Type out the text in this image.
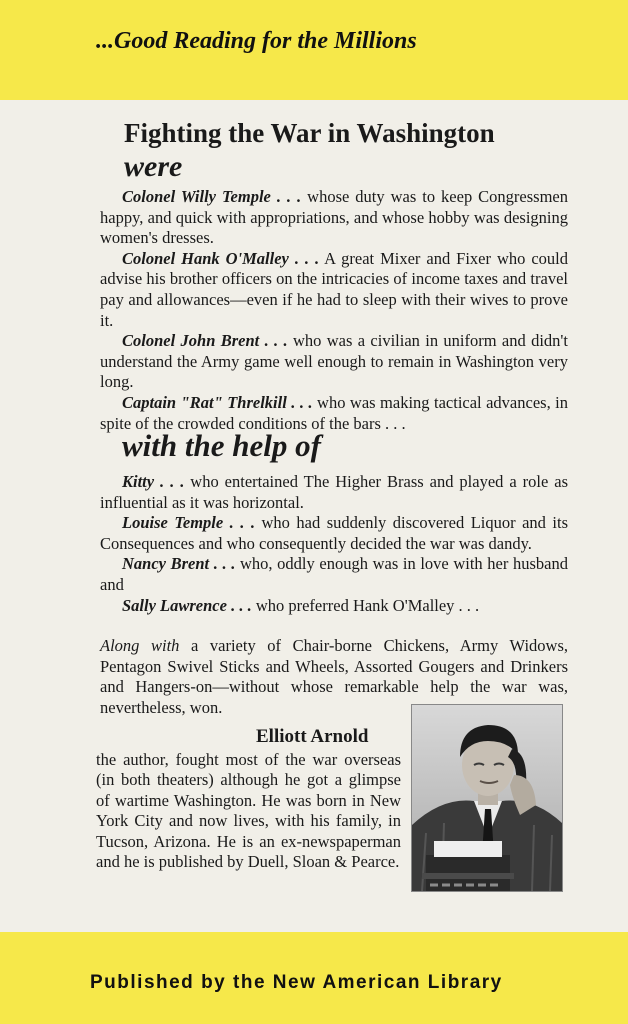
...Good Reading for the Millions
Fighting the War in Washington
were

Colonel Willy Temple . . . whose duty was to keep Congressmen happy, and quick with appropriations, and whose hobby was designing women's dresses.

Colonel Hank O'Malley . . . A great Mixer and Fixer who could advise his brother officers on the intricacies of income taxes and travel pay and allowances—even if he had to sleep with their wives to prove it.

Colonel John Brent . . . who was a civilian in uniform and didn't understand the Army game well enough to remain in Washington very long.

Captain "Rat" Threlkill . . . who was making tactical advances, in spite of the crowded conditions of the bars . . .

with the help of

Kitty . . . who entertained The Higher Brass and played a role as influential as it was horizontal.

Louise Temple . . . who had suddenly discovered Liquor and its Consequences and who consequently decided the war was dandy.

Nancy Brent . . . who, oddly enough was in love with her husband and

Sally Lawrence . . . who preferred Hank O'Malley . . .

Along with a variety of Chair-borne Chickens, Army Widows, Pentagon Swivel Sticks and Wheels, Assorted Gougers and Drinkers and Hangers-on—without whose remarkable help the war was, nevertheless, won.

Elliott Arnold
the author, fought most of the war overseas (in both theaters) although he got a glimpse of wartime Washington. He was born in New York City and now lives, with his family, in Tucson, Arizona. He is an ex-newspaperman and he is published by Duell, Sloan & Pearce.
Published by the New American Library
